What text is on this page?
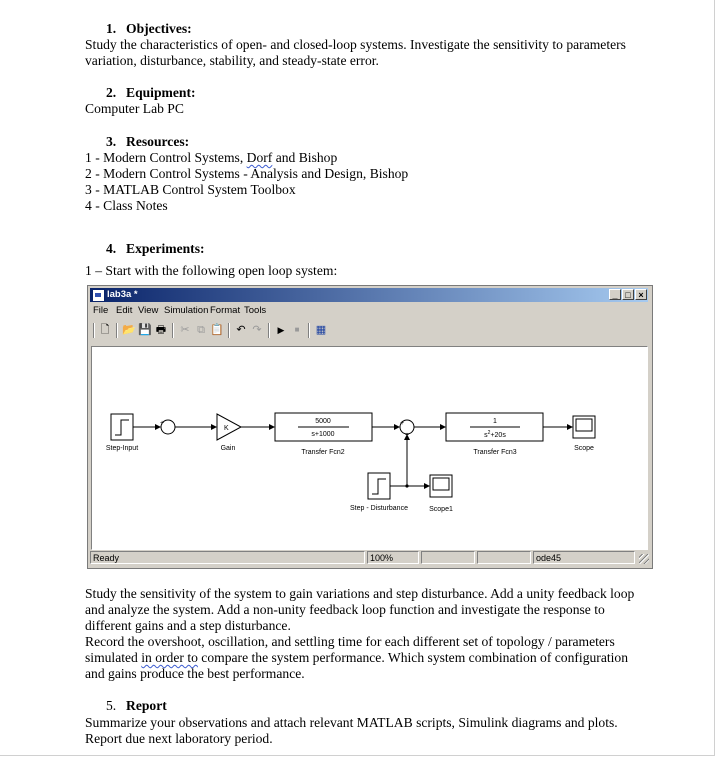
1. Objectives:
Study the characteristics of open- and closed-loop systems. Investigate the sensitivity to parameters
variation, disturbance, stability, and steady-state error.
2. Equipment:
Computer Lab PC
3. Resources:
1 - Modern Control Systems, Dorf and Bishop
2 - Modern Control Systems - Analysis and Design, Bishop
3 - MATLAB Control System Toolbox
4 - Class Notes
4. Experiments:
1 – Start with the following open loop system:
lab3a *	_ □ ×
File Edit View Simulation Format Tools
🗋 📂 💾 🖶 ✂ ⧉ 📋 ↶ ↷	▶	■	▦
+
-
+
+
K
5000
s+1000
1
$s^2+20s$
Step-Input	Gain
Transfer Fcn2	Transfer Fcn3
Scope
Step - Disturbance	Scope1
Ready	100%	ode45
Study the sensitivity of the system to gain variations and step disturbance. Add a unity feedback loop
and analyze the system. Add a non-unity feedback loop function and investigate the response to
different gains and a step disturbance.
Record the overshoot, oscillation, and settling time for each different set of topology / parameters
simulated in order to compare the system performance. Which system combination of configuration
and gains produce the best performance.
5. Report
Summarize your observations and attach relevant MATLAB scripts, Simulink diagrams and plots.
Report due next laboratory period.
